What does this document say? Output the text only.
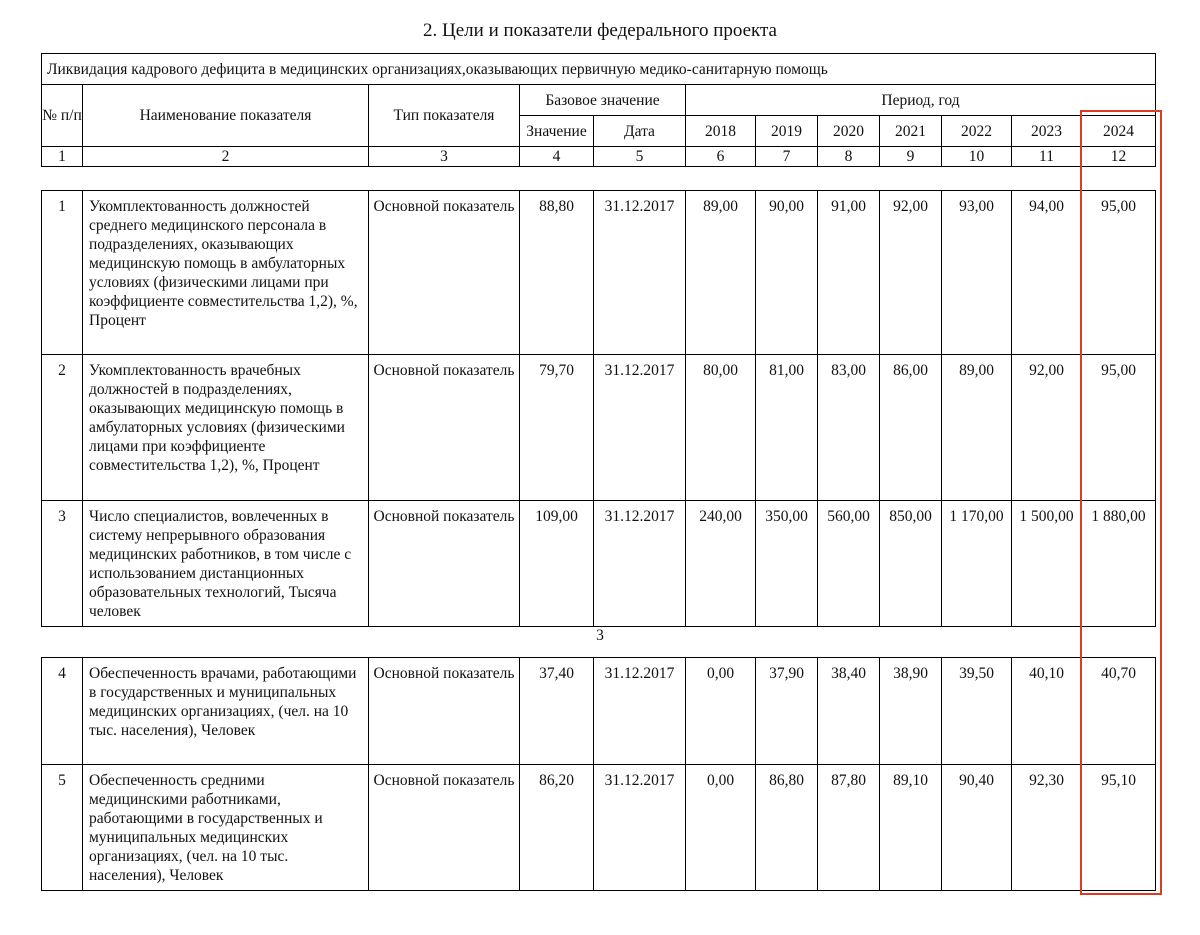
2. Цели и показатели федерального проекта
Ликвидация кадрового дефицита в медицинских организациях,оказывающих первичную медико-санитарную помощь											
№ п/п	Наименование показателя	Тип показателя	Базовое значение		Период, год						
			Значение	Дата	2018	2019	2020	2021	2022	2023	2024
1	2	3	4	5	6	7	8	9	10	11	12
1	Укомплектованность должностей среднего медицинского персонала в подразделениях, оказывающих медицинскую помощь в амбулаторных условиях (физическими лицами при коэффициенте совместительства 1,2), %, Процент	Основной показатель	88,80	31.12.2017	89,00	90,00	91,00	92,00	93,00	94,00	95,00
2	Укомплектованность врачебных должностей в подразделениях, оказывающих медицинскую помощь в амбулаторных условиях (физическими лицами при коэффициенте совместительства 1,2), %, Процент	Основной показатель	79,70	31.12.2017	80,00	81,00	83,00	86,00	89,00	92,00	95,00
3	Число специалистов, вовлеченных в систему непрерывного образования медицинских работников, в том числе с использованием дистанционных образовательных технологий, Тысяча человек	Основной показатель	109,00	31.12.2017	240,00	350,00	560,00	850,00	1 170,00	1 500,00	1 880,00
3
4	Обеспеченность врачами, работающими в государственных и муниципальных медицинских организациях, (чел. на 10 тыс. населения), Человек	Основной показатель	37,40	31.12.2017	0,00	37,90	38,40	38,90	39,50	40,10	40,70
5	Обеспеченность средними медицинскими работниками, работающими в государственных и муниципальных медицинских организациях, (чел. на 10 тыс. населения), Человек	Основной показатель	86,20	31.12.2017	0,00	86,80	87,80	89,10	90,40	92,30	95,10
